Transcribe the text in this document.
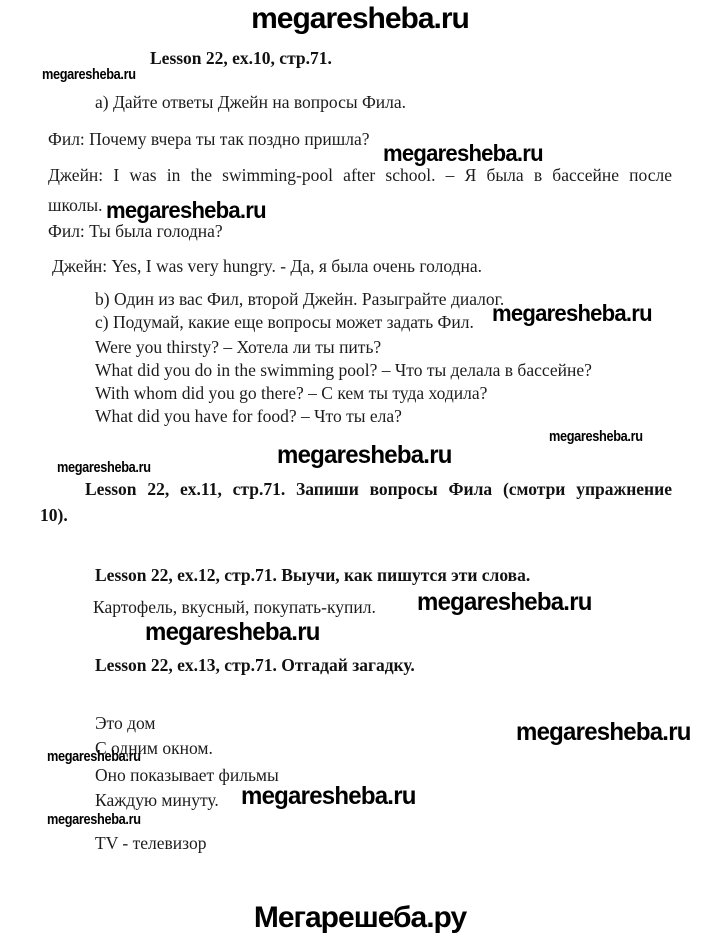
megaresheba.ru
Lesson 22, ex.10, стр.71.
megaresheba.ru
a) Дайте ответы Джейн на вопросы Фила.
Фил: Почему вчера ты так поздно пришла?
megaresheba.ru
Джейн: I was in the swimming-pool after school. – Я была в бассейне после
школы. megaresheba.ru
Фил: Ты была голодна?
Джейн: Yes, I was very hungry. - Да, я была очень голодна.
b) Один из вас Фил, второй Джейн. Разыграйте диалог.
megaresheba.ru
c) Подумай, какие еще вопросы может задать Фил.
Were you thirsty? – Хотела ли ты пить?
What did you do in the swimming pool? – Что ты делала в бассейне?
With whom did you go there? – С кем ты туда ходила?
What did you have for food? – Что ты ела?
megaresheba.ru
megaresheba.ru
megaresheba.ru
Lesson 22, ex.11, стр.71. Запиши вопросы Фила (смотри упражнение
10).
Lesson 22, ex.12, стр.71. Выучи, как пишутся эти слова.
megaresheba.ru
Картофель, вкусный, покупать-купил.
megaresheba.ru
Lesson 22, ex.13, стр.71. Отгадай загадку.
Это дом	megaresheba.ru
С одним окном.
megaresheba.ru
Оно показывает фильмы
Каждую минуту. megaresheba.ru
megaresheba.ru
TV - телевизор
Мегарешеба.ру
